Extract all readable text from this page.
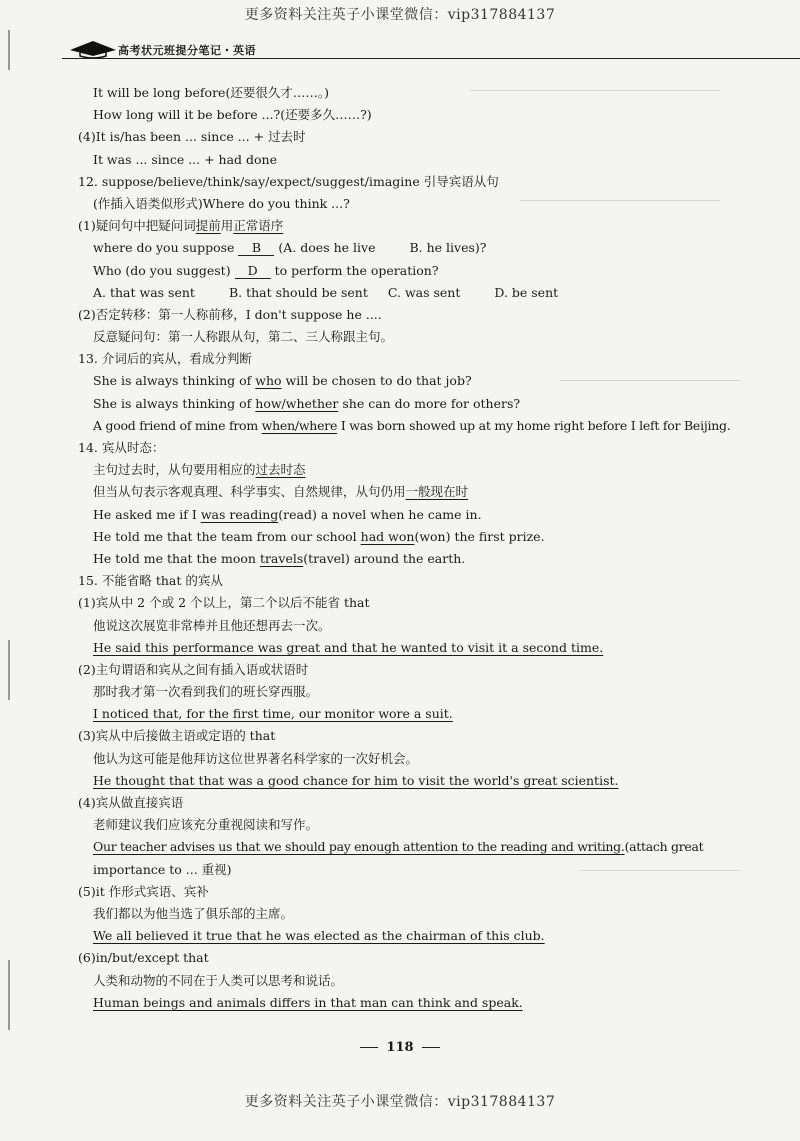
更多资料关注英子小课堂微信：vip317884137
高考状元班提分笔记・英语
It will be long before(还要很久才……。)
How long will it be before ...?(还要多久……?)
(4)It is/has been ... since ... + 过去时
It was ... since ... + had done
12. suppose/believe/think/say/expect/suggest/imagine 引导宾语从句
(作插入语类似形式)Where do you think ...?
(1)疑问句中把疑问词提前用正常语序
where do you suppose B (A. does he live	B. he lives)?
Who (do you suggest) D to perform the operation?
A. that was sent	B. that should be sent C. was sent	D. be sent
(2)否定转移：第一人称前移，I don't suppose he ....
反意疑问句：第一人称跟从句，第二、三人称跟主句。
13. 介词后的宾从，看成分判断
She is always thinking of who will be chosen to do that job?
She is always thinking of how/whether she can do more for others?
A good friend of mine from when/where I was born showed up at my home right before I left for Beijing.
14. 宾从时态：
主句过去时，从句要用相应的过去时态
但当从句表示客观真理、科学事实、自然规律，从句仍用一般现在时
He asked me if I was reading(read) a novel when he came in.
He told me that the team from our school had won(won) the first prize.
He told me that the moon travels(travel) around the earth.
15. 不能省略 that 的宾从
(1)宾从中 2 个或 2 个以上，第二个以后不能省 that
他说这次展览非常棒并且他还想再去一次。
He said this performance was great and that he wanted to visit it a second time.
(2)主句谓语和宾从之间有插入语或状语时
那时我才第一次看到我们的班长穿西服。
I noticed that, for the first time, our monitor wore a suit.
(3)宾从中后接做主语或定语的 that
他认为这可能是他拜访这位世界著名科学家的一次好机会。
He thought that that was a good chance for him to visit the world's great scientist.
(4)宾从做直接宾语
老师建议我们应该充分重视阅读和写作。
Our teacher advises us that we should pay enough attention to the reading and writing.(attach great
importance to ... 重视)
(5)it 作形式宾语、宾补
我们都以为他当选了俱乐部的主席。
We all believed it true that he was elected as the chairman of this club.
(6)in/but/except that
人类和动物的不同在于人类可以思考和说话。
Human beings and animals differs in that man can think and speak.
118
更多资料关注英子小课堂微信：vip317884137
